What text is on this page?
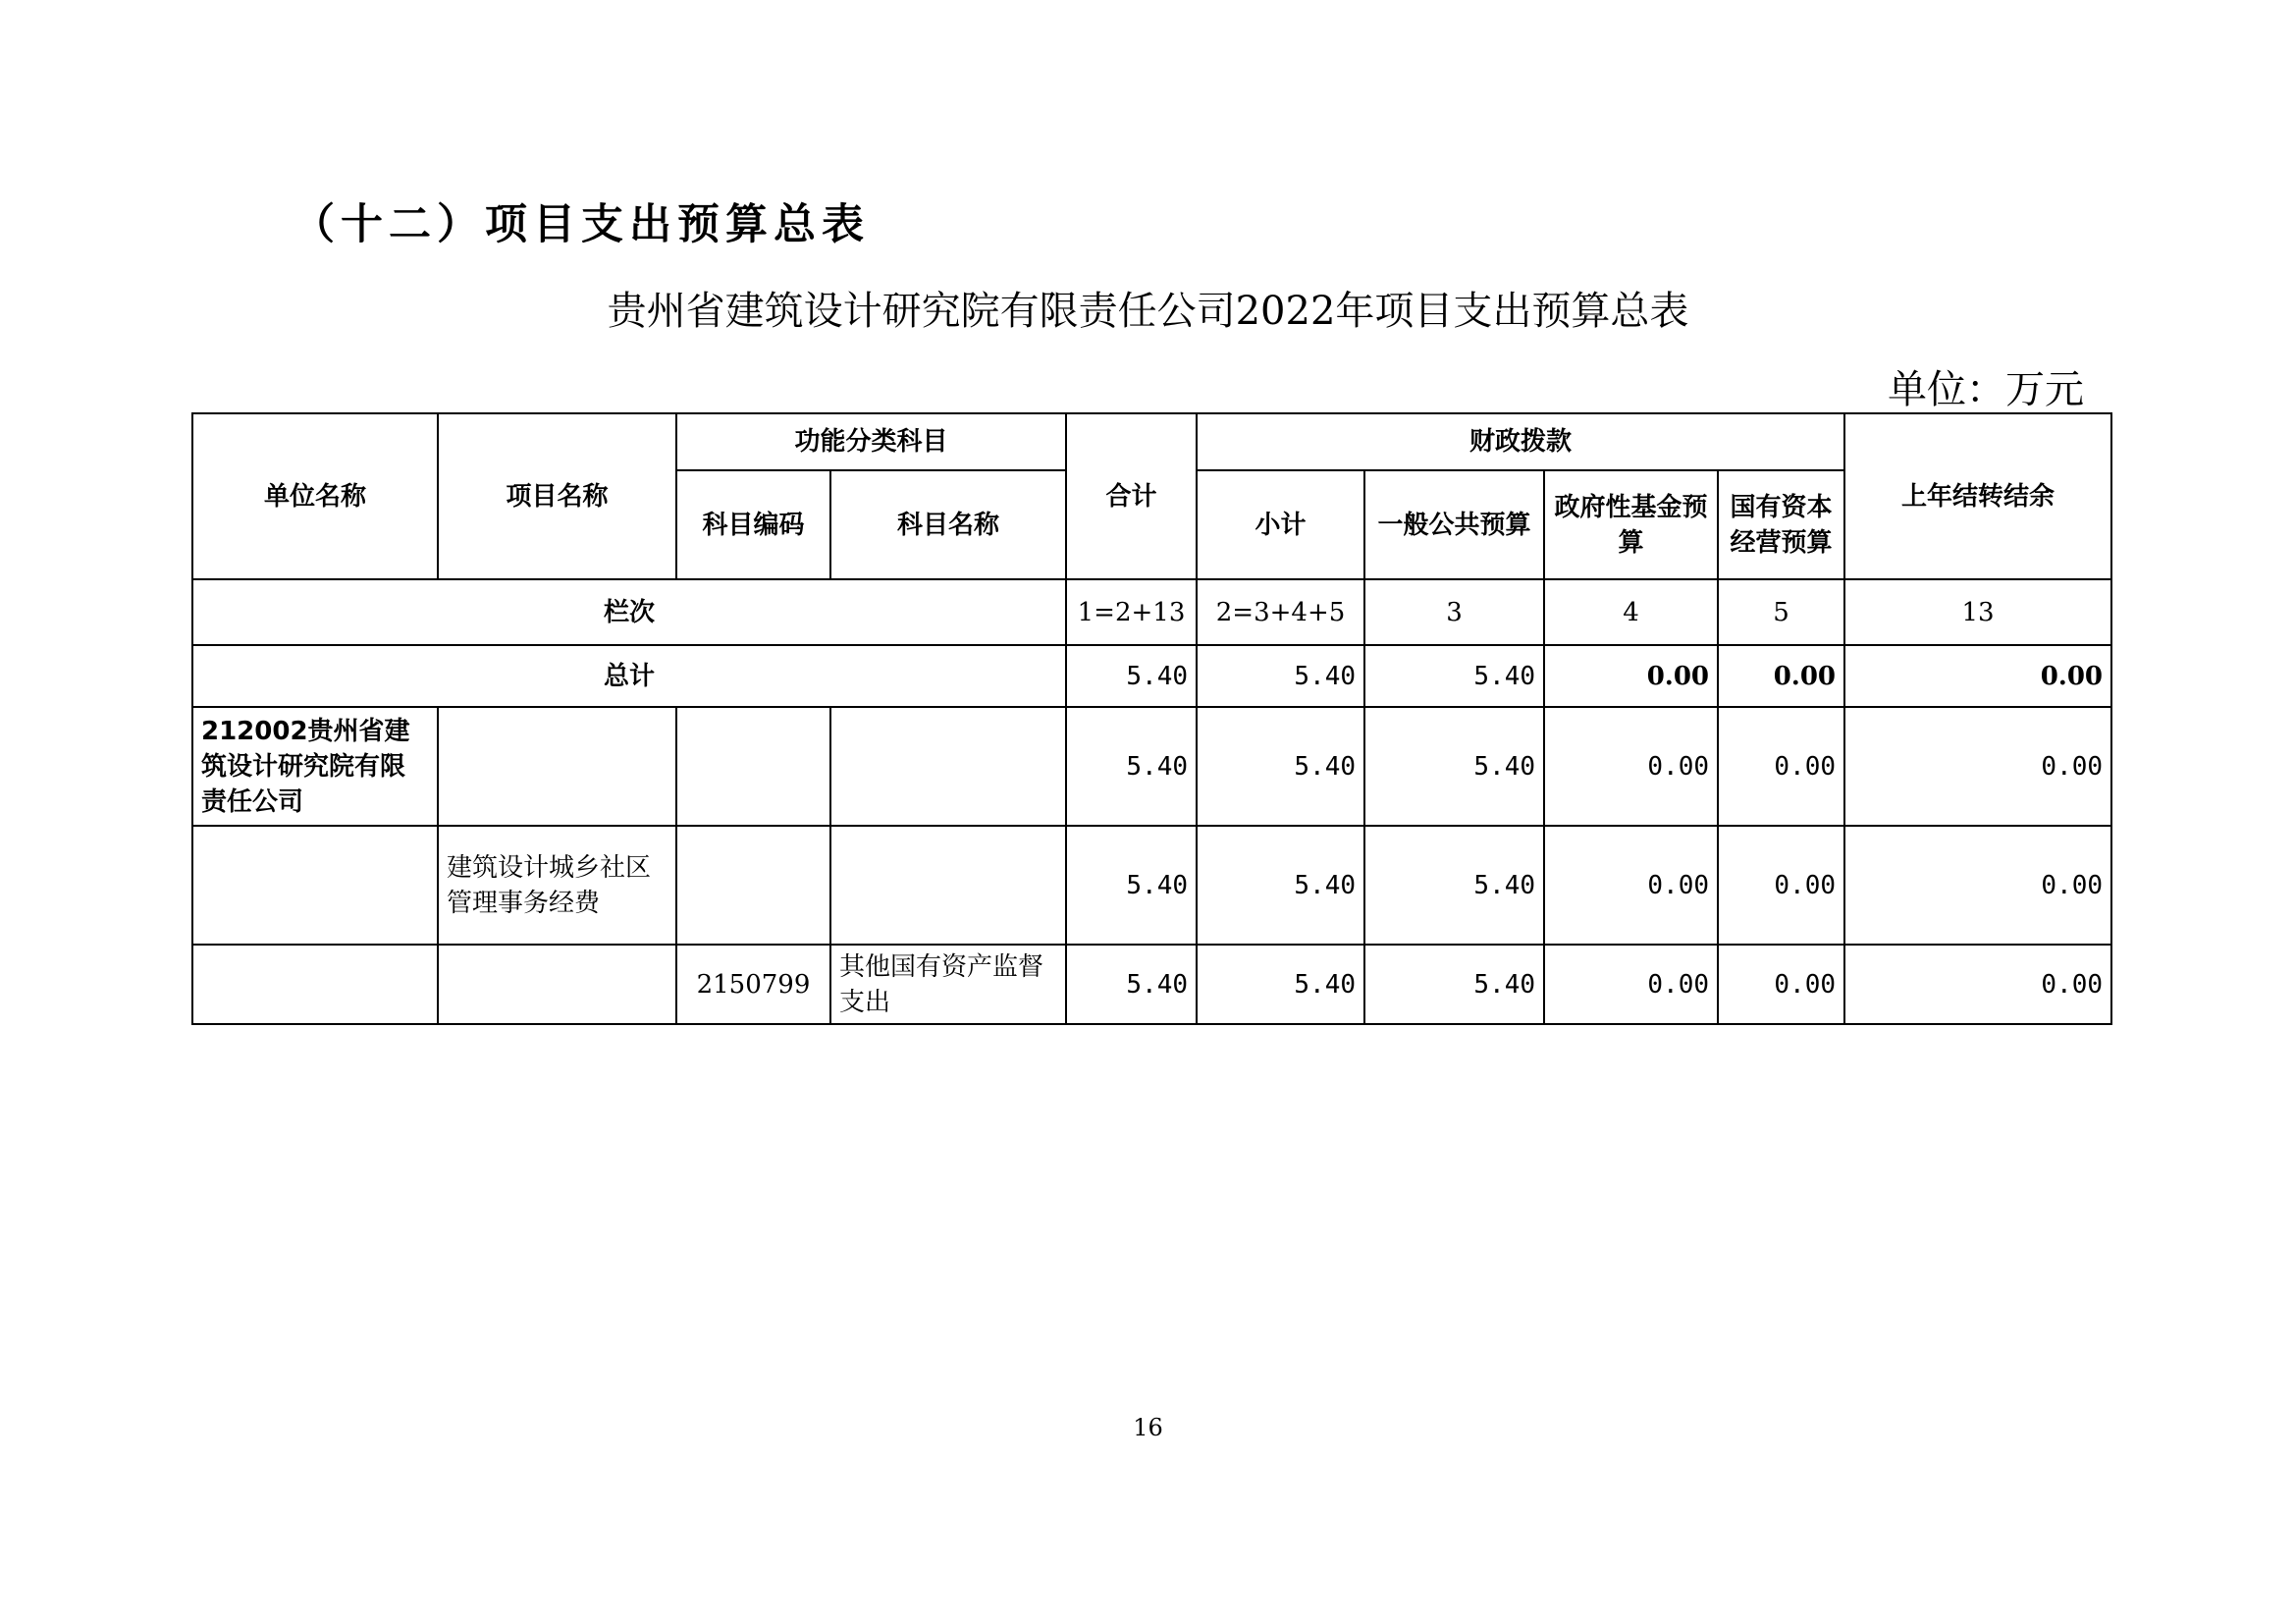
（十二）项目支出预算总表
贵州省建筑设计研究院有限责任公司2022年项目支出预算总表
单位：万元
单位名称	项目名称	功能分类科目		合计	财政拨款				上年结转结余
		科目编码	科目名称		小计	一般公共预算	政府性基金预算	国有资本经营预算	
栏次				1=2+13	2=3+4+5	3	4	5	13
总计				5.40	5.40	5.40	0.00	0.00	0.00
212002贵州省建筑设计研究院有限责任公司				5.40	5.40	5.40	0.00	0.00	0.00
	建筑设计城乡社区管理事务经费			5.40	5.40	5.40	0.00	0.00	0.00
		2150799	其他国有资产监督支出	5.40	5.40	5.40	0.00	0.00	0.00
16
